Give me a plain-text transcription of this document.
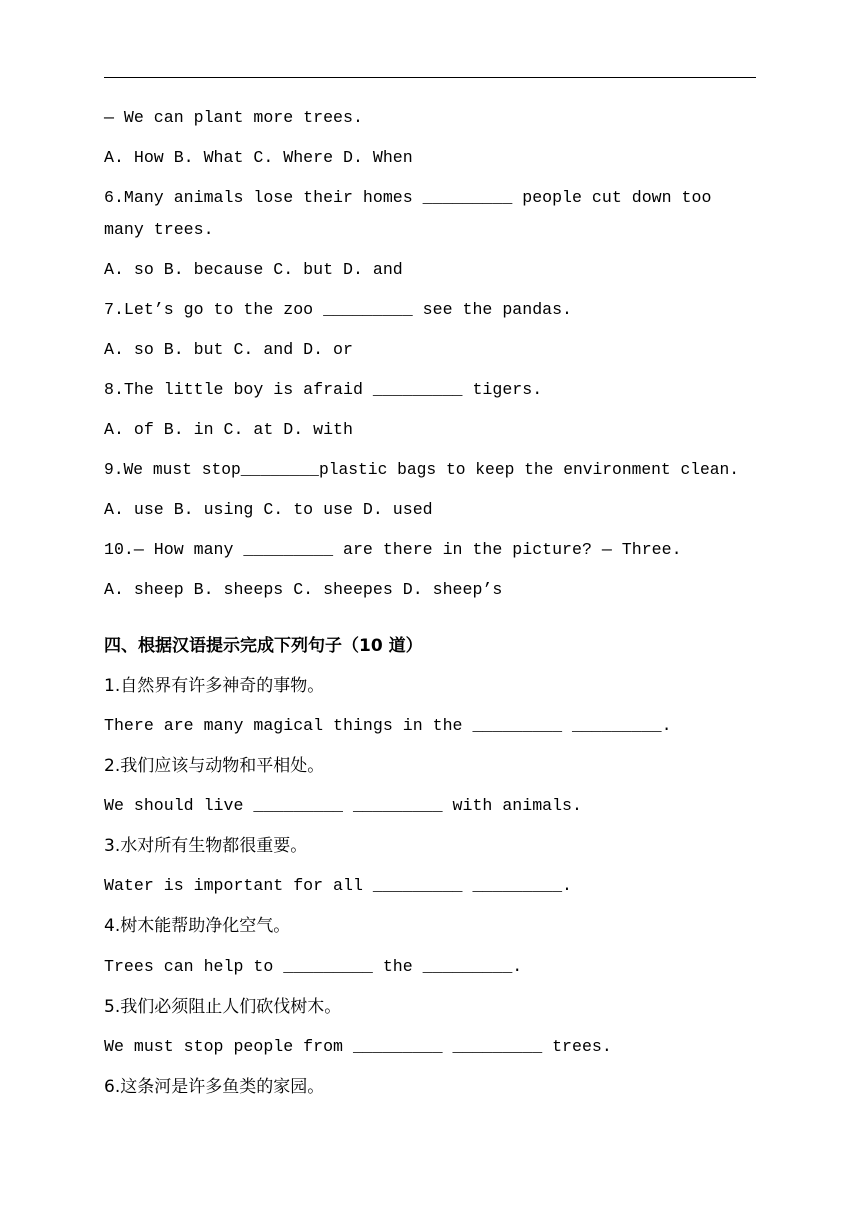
— We can plant more trees.

A. How B. What C. Where D. When

6.Many animals lose their homes _________ people cut down too

many trees.

A. so B. because C. but D. and

7.Let’s go to the zoo _________ see the pandas.

A. so B. but C. and D. or

8.The little boy is afraid _________ tigers.

A. of B. in C. at D. with

9.We must stop________plastic bags to keep the environment clean.

A. use B. using C. to use D. used

10.— How many _________ are there in the picture? — Three.

A. sheep B. sheeps C. sheepes D. sheep’s

四、根据汉语提示完成下列句子（10 道）

1.自然界有许多神奇的事物。

There are many magical things in the _________ _________.

2.我们应该与动物和平相处。

We should live _________ _________ with animals.

3.水对所有生物都很重要。

Water is important for all _________ _________.

4.树木能帮助净化空气。

Trees can help to _________ the _________.

5.我们必须阻止人们砍伐树木。

We must stop people from _________ _________ trees.

6.这条河是许多鱼类的家园。
